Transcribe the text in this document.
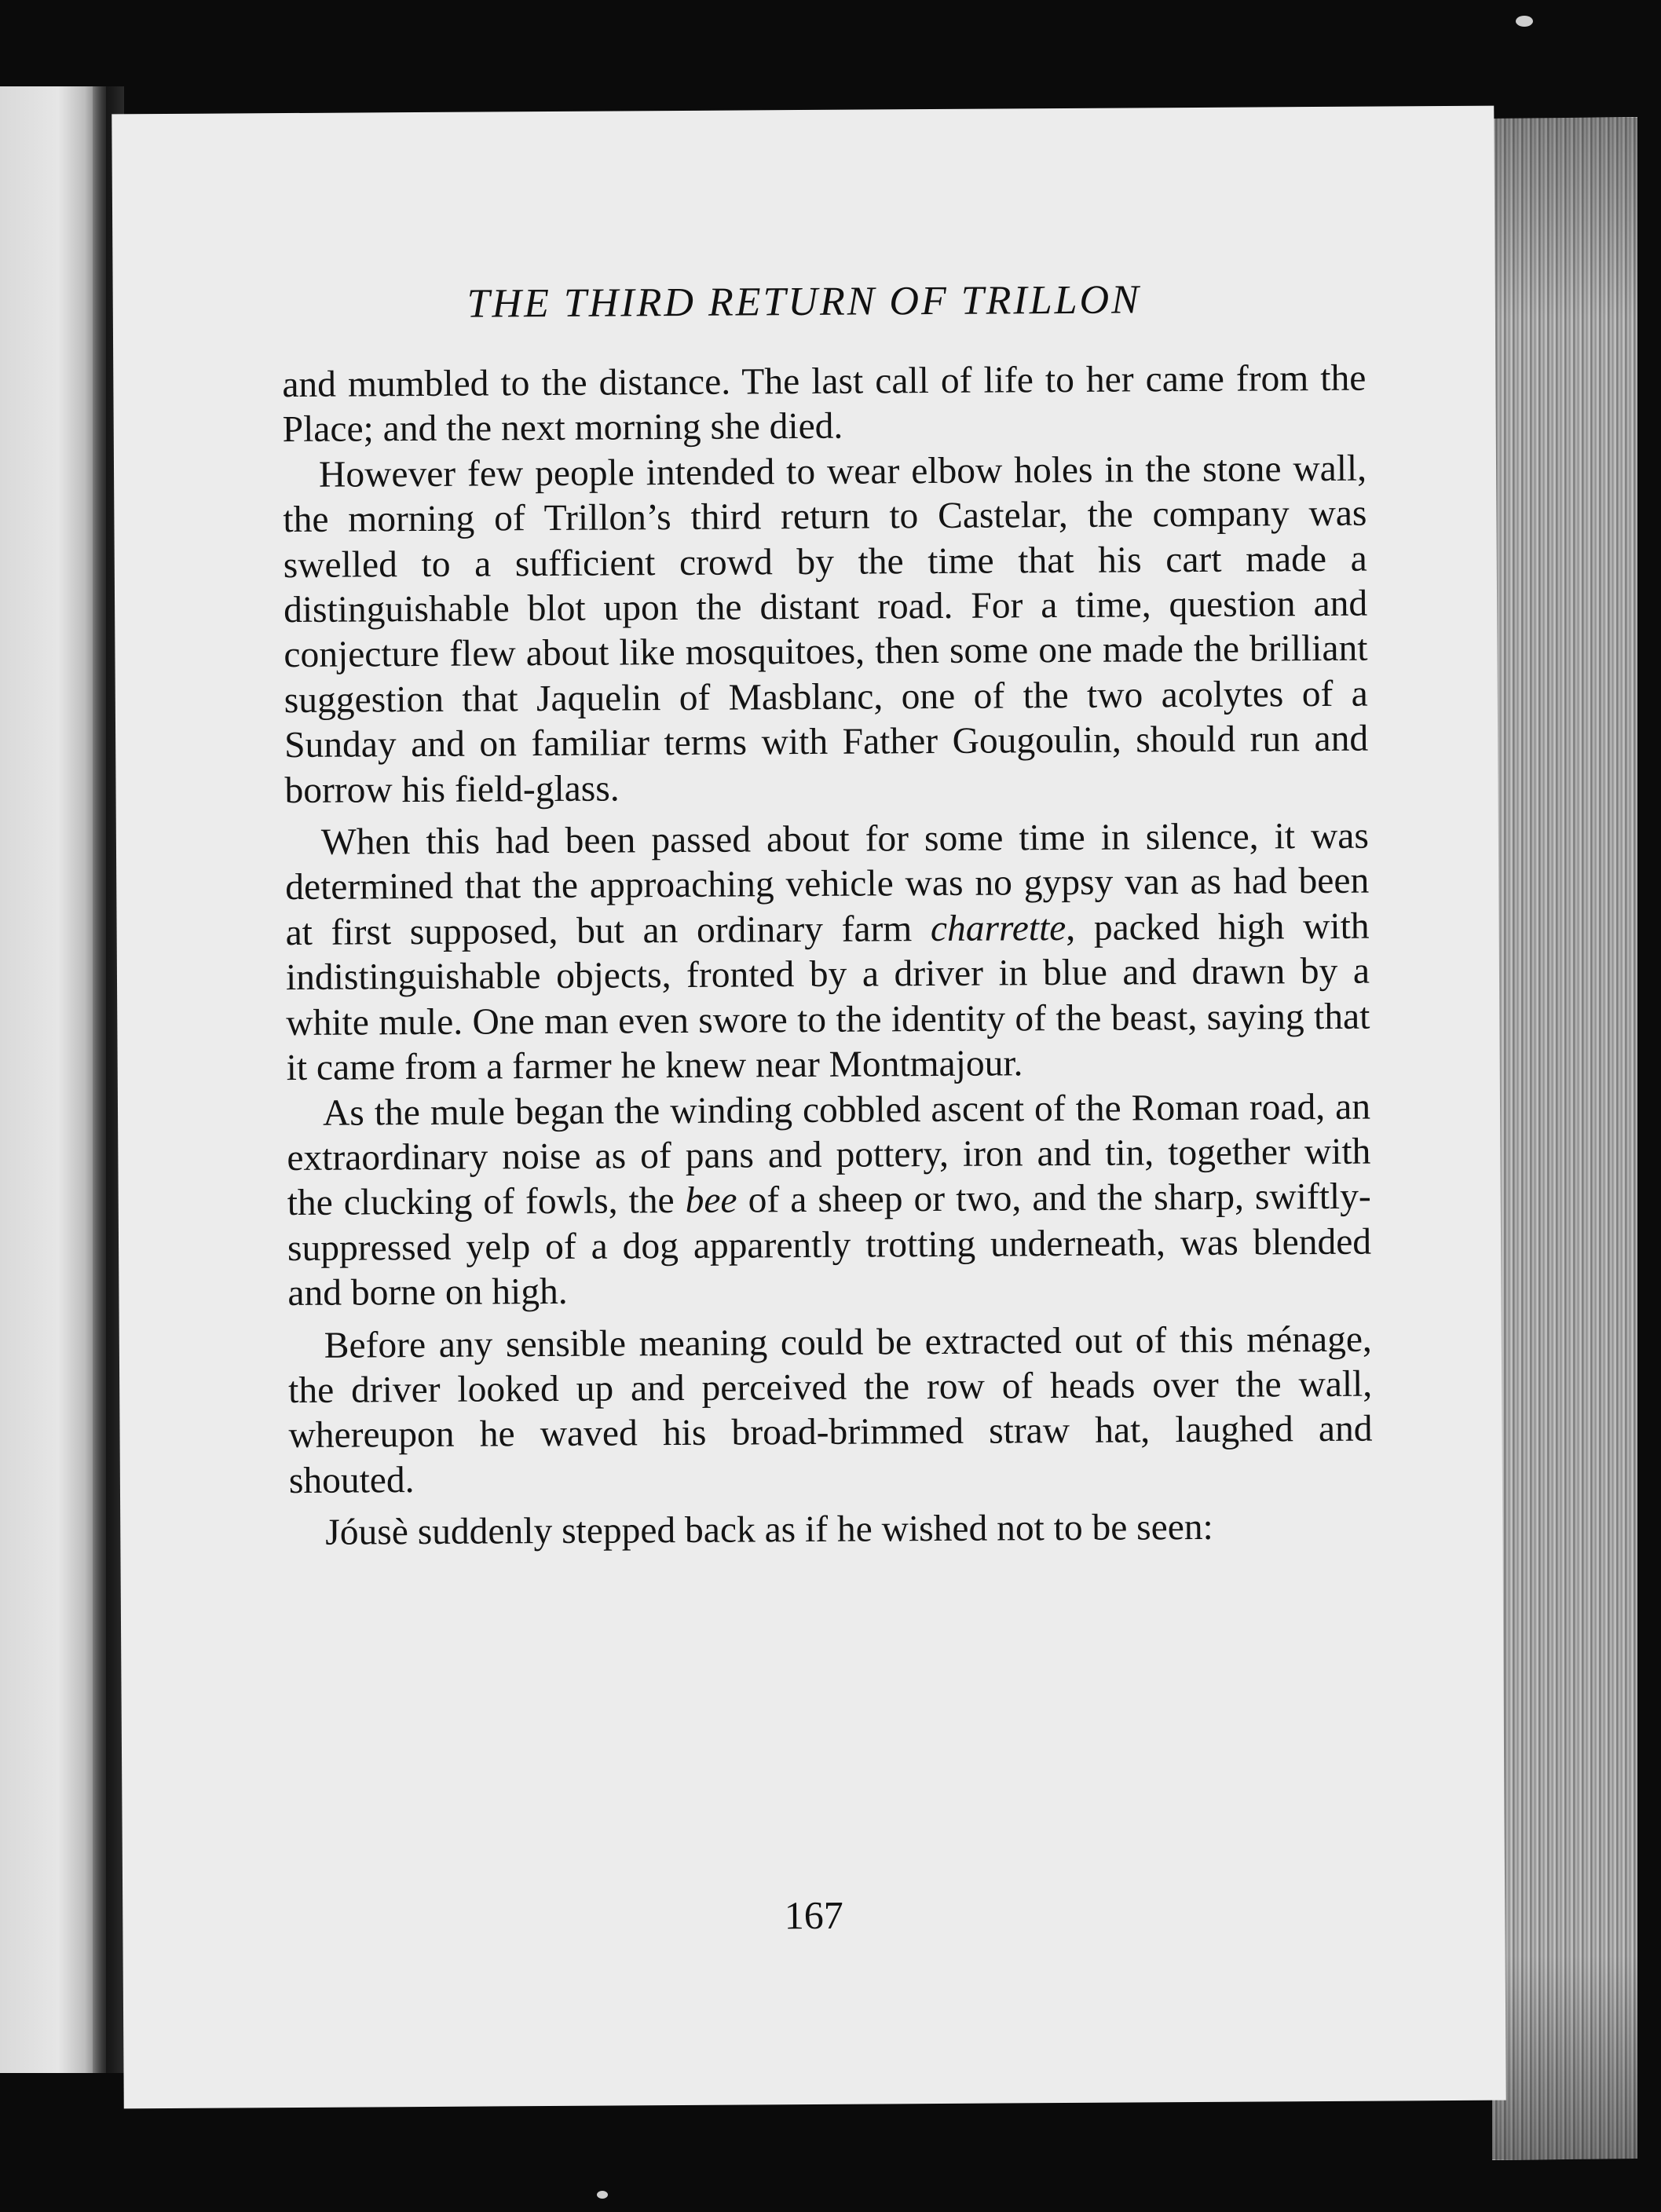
THE THIRD RETURN OF TRILLON

and mumbled to the distance. The last call of life to her came from the Place; and the next morning she died.

However few people intended to wear elbow holes in the stone wall, the morning of Trillon’s third return to Castelar, the company was swelled to a sufficient crowd by the time that his cart made a distinguishable blot upon the distant road. For a time, question and conjecture flew about like mosquitoes, then some one made the brilliant suggestion that Jaquelin of Masblanc, one of the two acolytes of a Sunday and on familiar terms with Father Gougoulin, should run and borrow his field-glass.

When this had been passed about for some time in silence, it was determined that the approaching vehicle was no gypsy van as had been at first supposed, but an ordinary farm charrette, packed high with indistinguishable objects, fronted by a driver in blue and drawn by a white mule. One man even swore to the identity of the beast, saying that it came from a farmer he knew near Montmajour.

As the mule began the winding cobbled ascent of the Roman road, an extraordinary noise as of pans and pottery, iron and tin, together with the clucking of fowls, the bee of a sheep or two, and the sharp, swiftly-suppressed yelp of a dog apparently trotting underneath, was blended and borne on high.

Before any sensible meaning could be extracted out of this ménage, the driver looked up and perceived the row of heads over the wall, whereupon he waved his broad-brimmed straw hat, laughed and shouted.

Jóusè suddenly stepped back as if he wished not to be seen:

167
